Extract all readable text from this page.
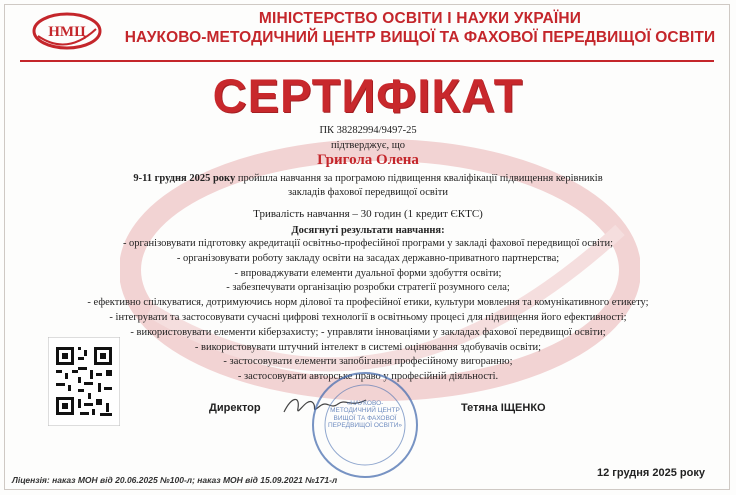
НМЦ
МІНІСТЕРСТВО ОСВІТИ І НАУКИ УКРАЇНИ
НАУКОВО-МЕТОДИЧНИЙ ЦЕНТР ВИЩОЇ ТА ФАХОВОЇ ПЕРЕДВИЩОЇ ОСВІТИ
СЕРТИФІКАТ
ПК 38282994/9497-25
підтверджує, що
Григола Олена
9-11 грудня 2025 року пройшла навчання за програмою підвищення кваліфікації підвищення керівників
закладів фахової передвищої освіти
Тривалість навчання – 30 годин (1 кредит ЄКТС)
Досягнуті результати навчання:
- організовувати підготовку акредитації освітньо-професійної програми у закладі фахової передвищої освіти;
- організовувати роботу закладу освіти на засадах державно-приватного партнерства;
- впроваджувати елементи дуальної форми здобуття освіти;
- забезпечувати організацію розробки стратегії розумного села;
- ефективно спілкуватися, дотримуючись норм ділової та професійної етики, культури мовлення та комунікативного етикету;
- інтегрувати та застосовувати сучасні цифрові технології в освітньому процесі для підвищення його ефективності;
- використовувати елементи кіберзахисту; - управляти інноваціями у закладах фахової передвищої освіти;
- використовувати штучний інтелект в системі оцінювання здобувачів освіти;
- застосовувати елементи запобігання професійному вигоранню;
- застосовувати авторське право у професійній діяльності.
Директор	Тетяна ІЩЕНКО
«НАУКОВО-МЕТОДИЧНИЙ ЦЕНТР ВИЩОЇ ТА ФАХОВОЇ ПЕРЕДВИЩОЇ ОСВІТИ»
Ліцензія: наказ МОН від 20.06.2025 №100-л; наказ МОН від 15.09.2021 №171-л
12 грудня 2025 року
